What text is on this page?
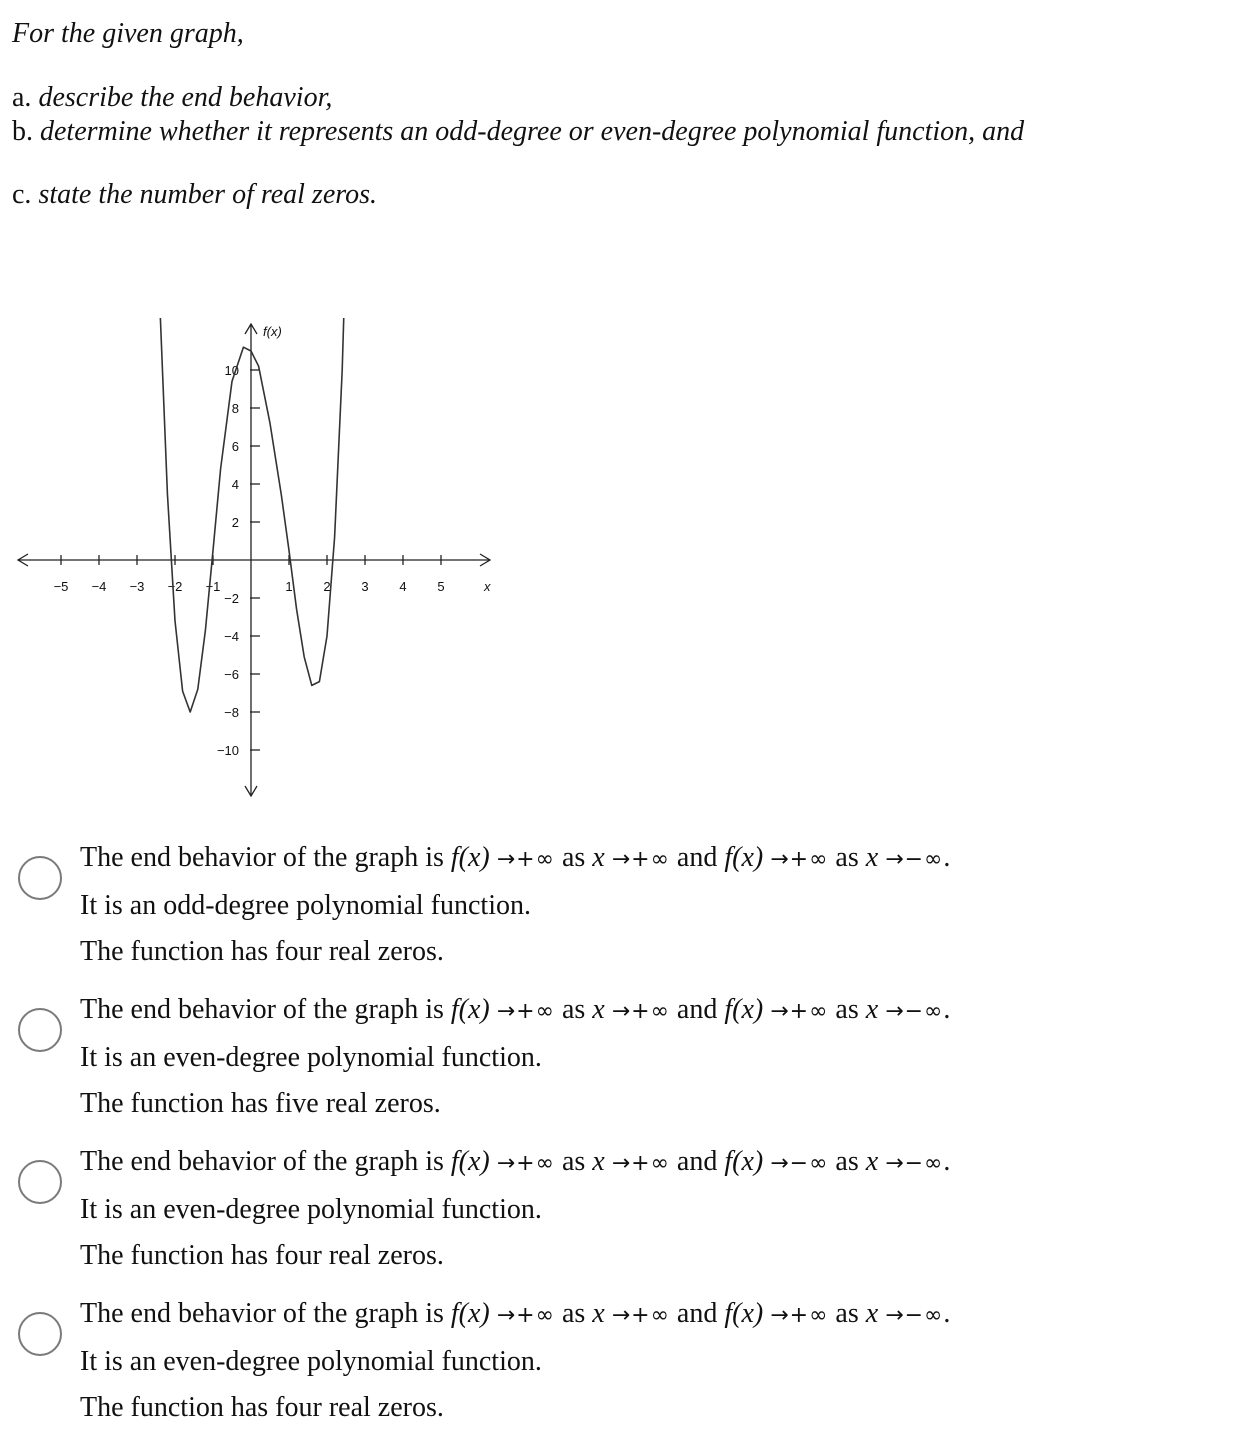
For the given graph,
a. describe the end behavior,
b. determine whether it represents an odd-degree or even-degree polynomial function, and
c. state the number of real zeros.
−5 −4 −3 −2 −1	1 2 3 4 5
10
8
6
4
2
−2
−4
−6
−8
−10
f(x)
x
The end behavior of the graph is f(x) →+∞ as x →+∞ and f(x) →+∞ as x →−∞.
It is an odd-degree polynomial function.
The function has four real zeros.
The end behavior of the graph is f(x) →+∞ as x →+∞ and f(x) →+∞ as x →−∞.
It is an even-degree polynomial function.
The function has five real zeros.
The end behavior of the graph is f(x) →+∞ as x →+∞ and f(x) →−∞ as x →−∞.
It is an even-degree polynomial function.
The function has four real zeros.
The end behavior of the graph is f(x) →+∞ as x →+∞ and f(x) →+∞ as x →−∞.
It is an even-degree polynomial function.
The function has four real zeros.
